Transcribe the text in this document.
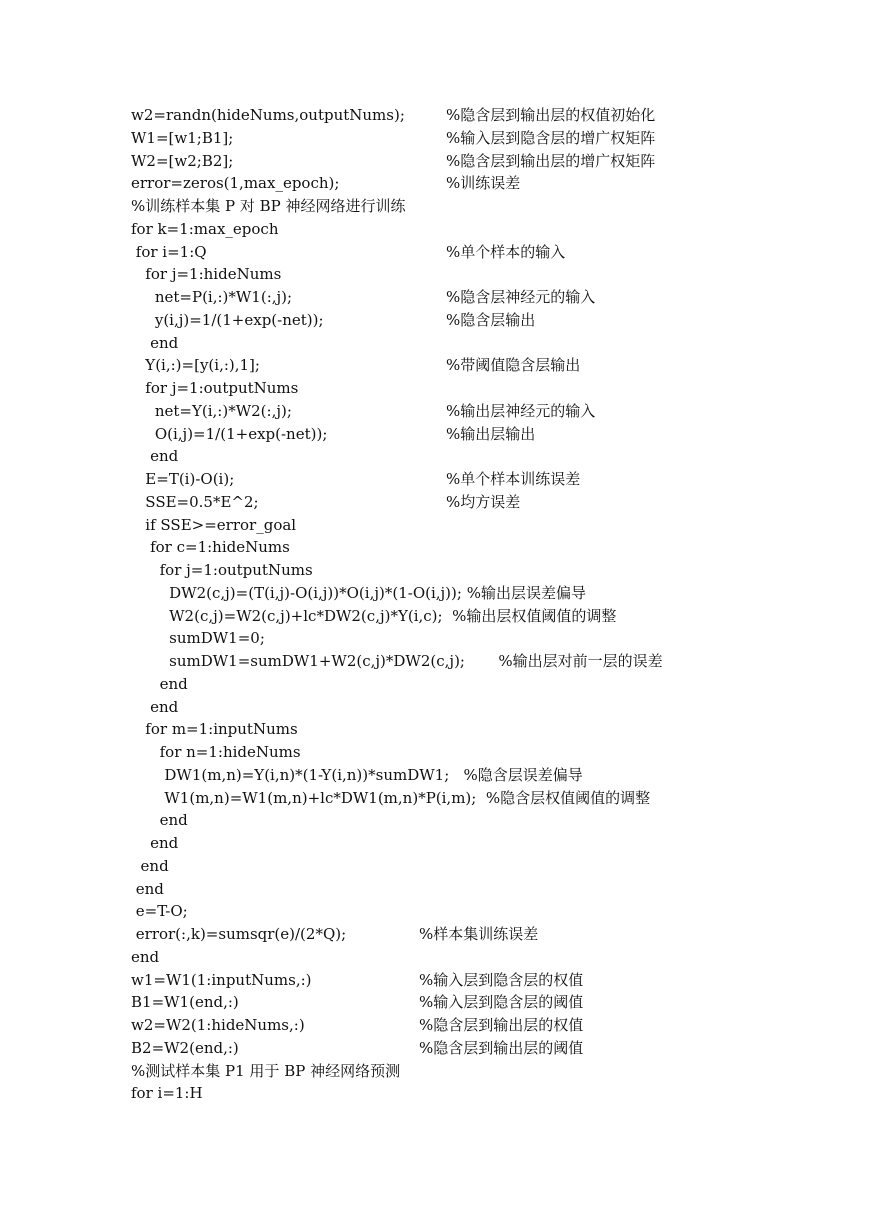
w2=randn(hideNums,outputNums);	%隐含层到输出层的权值初始化
W1=[w1;B1];	%输入层到隐含层的增广权矩阵
W2=[w2;B2];	%隐含层到输出层的增广权矩阵
error=zeros(1,max_epoch);	%训练误差
%训练样本集 P 对 BP 神经网络进行训练
for k=1:max_epoch
for i=1:Q	%单个样本的输入
for j=1:hideNums
net=P(i,:)*W1(:,j);	%隐含层神经元的输入
y(i,j)=1/(1+exp(-net));	%隐含层输出
end
Y(i,:)=[y(i,:),1];	%带阈值隐含层输出
for j=1:outputNums
net=Y(i,:)*W2(:,j);	%输出层神经元的输入
O(i,j)=1/(1+exp(-net));	%输出层输出
end
E=T(i)-O(i);	%单个样本训练误差
SSE=0.5*E^2;	%均方误差
if SSE>=error_goal
for c=1:hideNums
for j=1:outputNums
DW2(c,j)=(T(i,j)-O(i,j))*O(i,j)*(1-O(i,j)); %输出层误差偏导
W2(c,j)=W2(c,j)+lc*DW2(c,j)*Y(i,c);  %输出层权值阈值的调整
sumDW1=0;
sumDW1=sumDW1+W2(c,j)*DW2(c,j);       %输出层对前一层的误差
end
end
for m=1:inputNums
for n=1:hideNums
DW1(m,n)=Y(i,n)*(1-Y(i,n))*sumDW1;   %隐含层误差偏导
W1(m,n)=W1(m,n)+lc*DW1(m,n)*P(i,m);  %隐含层权值阈值的调整
end
end
end
end
e=T-O;
error(:,k)=sumsqr(e)/(2*Q);	%样本集训练误差
end
w1=W1(1:inputNums,:)	%输入层到隐含层的权值
B1=W1(end,:)	%输入层到隐含层的阈值
w2=W2(1:hideNums,:)	%隐含层到输出层的权值
B2=W2(end,:)	%隐含层到输出层的阈值
%测试样本集 P1 用于 BP 神经网络预测
for i=1:H
